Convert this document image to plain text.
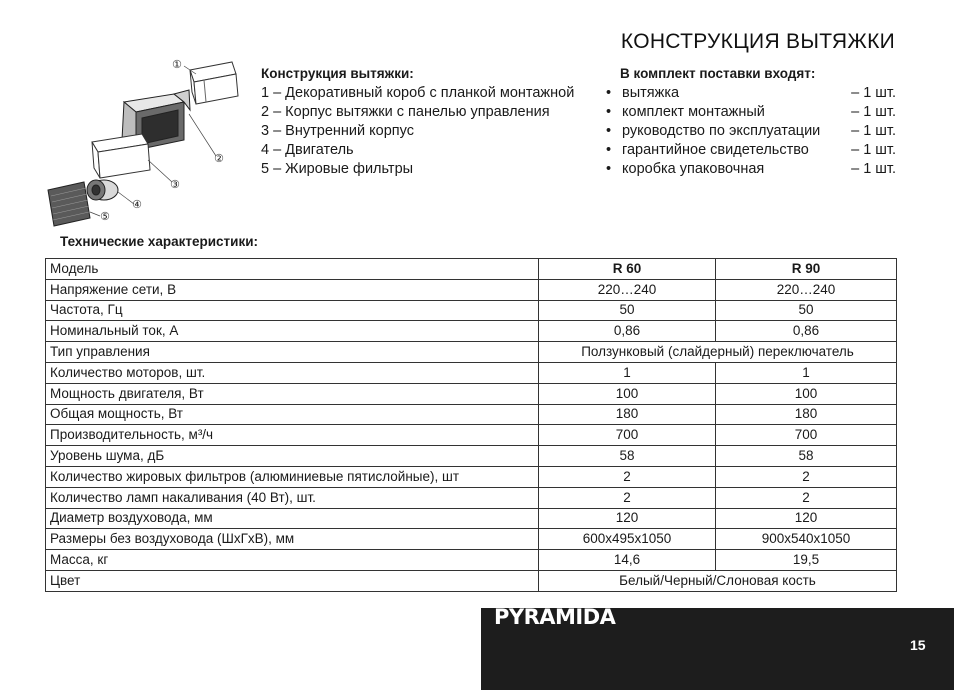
КОНСТРУКЦИЯ ВЫТЯЖКИ
①
②
③
④
⑤
Конструкция вытяжки:
1 – Декоративный короб с планкой монтажной
2 – Корпус вытяжки с панелью управления
3 – Внутренний корпус
4 – Двигатель
5 – Жировые фильтры
В комплект поставки входят:
• вытяжка	– 1 шт.
• комплект монтажный	– 1 шт.
• руководство по эксплуатации	– 1 шт.
• гарантийное свидетельство	– 1 шт.
• коробка упаковочная	– 1 шт.
Технические характеристики:
Модель	R 60	R 90
Напряжение сети, В	220…240	220…240
Частота, Гц	50	50
Номинальный ток, А	0,86	0,86
Тип управления	Ползунковый (слайдерный) переключатель	
Количество моторов, шт.	1	1
Мощность двигателя, Вт	100	100
Общая мощность, Вт	180	180
Производительность, м³/ч	700	700
Уровень шума, дБ	58	58
Количество жировых фильтров (алюминиевые пятислойные), шт	2	2
Количество ламп накаливания (40 Вт), шт.	2	2
Диаметр воздуховода, мм	120	120
Размеры без воздуховода (ШхГхВ), мм	600x495x1050	900x540x1050
Масса, кг	14,6	19,5
Цвет	Белый/Черный/Слоновая кость	
PYRAMIDA
15
